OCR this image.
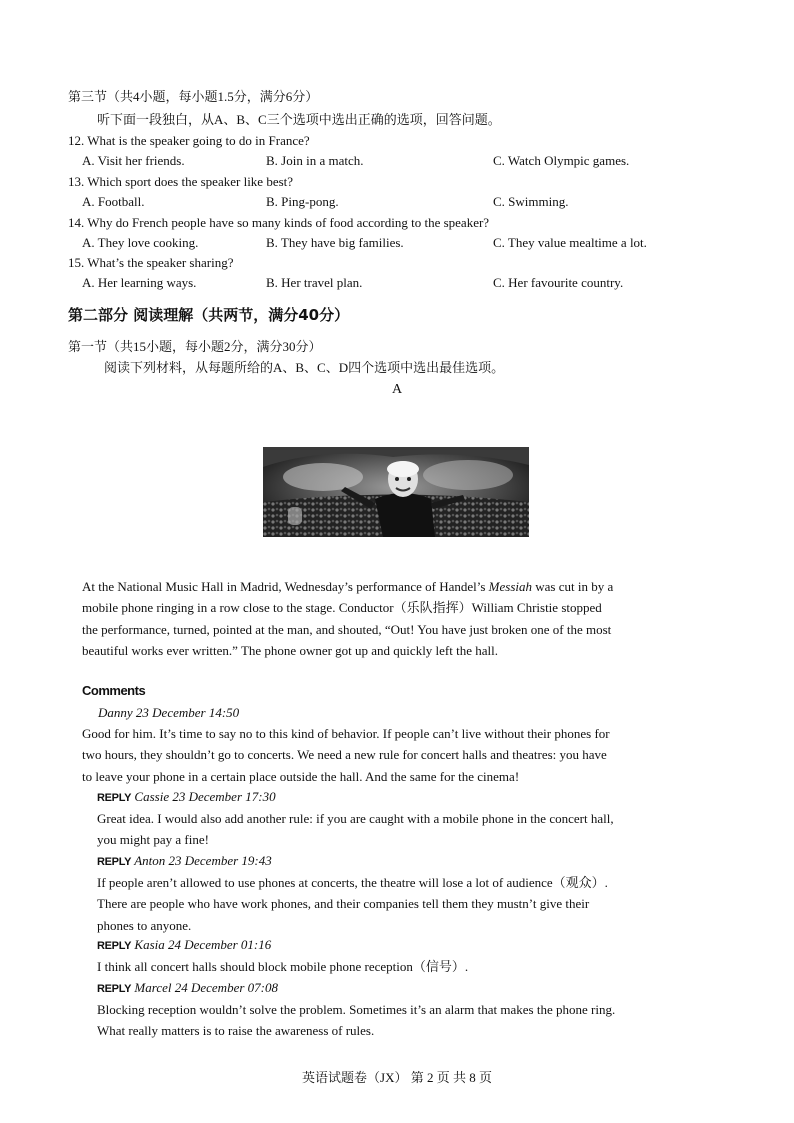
第三节（共4小题，每小题1.5分，满分6分）
听下面一段独白，从A、B、C三个选项中选出正确的选项，回答问题。
12. What is the speaker going to do in France?
A. Visit her friends.	B. Join in a match.	C. Watch Olympic games.
13. Which sport does the speaker like best?
A. Football.	B. Ping-pong.	C. Swimming.
14. Why do French people have so many kinds of food according to the speaker?
A. They love cooking.	B. They have big families.	C. They value mealtime a lot.
15. What’s the speaker sharing?
A. Her learning ways.	B. Her travel plan.	C. Her favourite country.
第二部分 阅读理解（共两节，满分40分）
第一节（共15小题，每小题2分，满分30分）
阅读下列材料，从每题所给的A、B、C、D四个选项中选出最佳选项。
A
At the National Music Hall in Madrid, Wednesday’s performance of Handel’s Messiah was cut in by a
mobile phone ringing in a row close to the stage. Conductor（乐队指挥）William Christie stopped
the performance, turned, pointed at the man, and shouted, “Out! You have just broken one of the most
beautiful works ever written.” The phone owner got up and quickly left the hall.
Comments
Danny 23 December 14:50
Good for him. It’s time to say no to this kind of behavior. If people can’t live without their phones for
two hours, they shouldn’t go to concerts. We need a new rule for concert halls and theatres: you have
to leave your phone in a certain place outside the hall. And the same for the cinema!
REPLY Cassie 23 December 17:30
Great idea. I would also add another rule: if you are caught with a mobile phone in the concert hall,
you might pay a fine!
REPLY Anton 23 December 19:43
If people aren’t allowed to use phones at concerts, the theatre will lose a lot of audience（观众）.
There are people who have work phones, and their companies tell them they mustn’t give their
phones to anyone.
REPLY Kasia 24 December 01:16
I think all concert halls should block mobile phone reception（信号）.
REPLY Marcel 24 December 07:08
Blocking reception wouldn’t solve the problem. Sometimes it’s an alarm that makes the phone ring.
What really matters is to raise the awareness of rules.
英语试题卷（JX） 第 2 页 共 8 页
